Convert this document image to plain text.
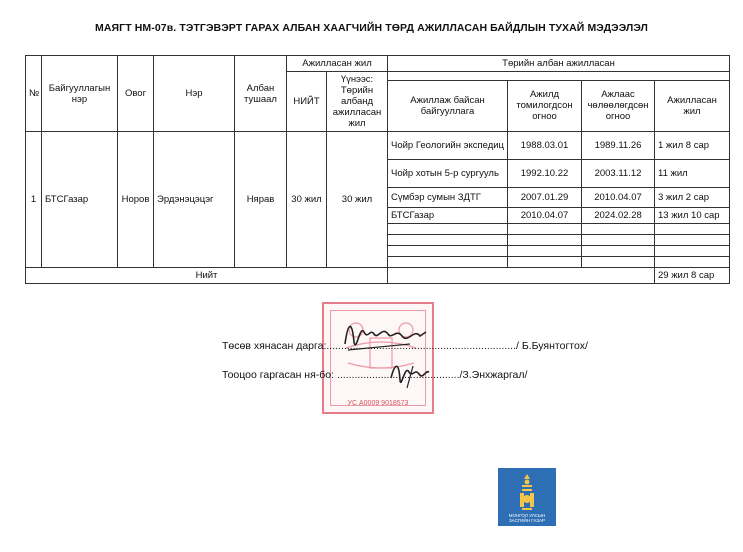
МАЯГТ НМ-07в. ТЭТГЭВЭРТ ГАРАХ АЛБАН ХААГЧИЙН ТӨРД АЖИЛЛАСАН БАЙДЛЫН ТУХАЙ МЭДЭЭЛЭЛ
№	Байгууллагын нэр	Овог	Нэр	Албан тушаал	Ажилласан жил		Төрийн албан ажилласан			
					НИЙТ	Үүнээс: Төрийн албанд ажилласан жил				
							Ажиллаж байсан байгууллага	Ажилд томилогдсон огноо	Ажлаас чөлөөлөгдсөн огноо	Ажилласан жил
1	БТСГазар	Норов	Эрдэнэцэцэг	Нярав	30 жил	30 жил	Чойр Геологийн экспедиц	1988.03.01	1989.11.26	1 жил 8 сар
							Чойр хотын 5-р сургууль	1992.10.22	2003.11.12	11 жил
							Сүмбэр сумын ЗДТГ	2007.01.29	2010.04.07	3 жил 2 сар
							БТСГазар	2010.04.07	2024.02.28	13 жил 10 сар

Нийт										29 жил 8 сар
УС А0009 9018573
Төсөв хянасан дарга:................................................................./ Б.Буянтогтох/
Тооцоо гаргасан ня-бо: ........................................../З.Энхжаргал/
МОНГОЛ УЛСЫН
ЗАСГИЙН ГАЗАР
